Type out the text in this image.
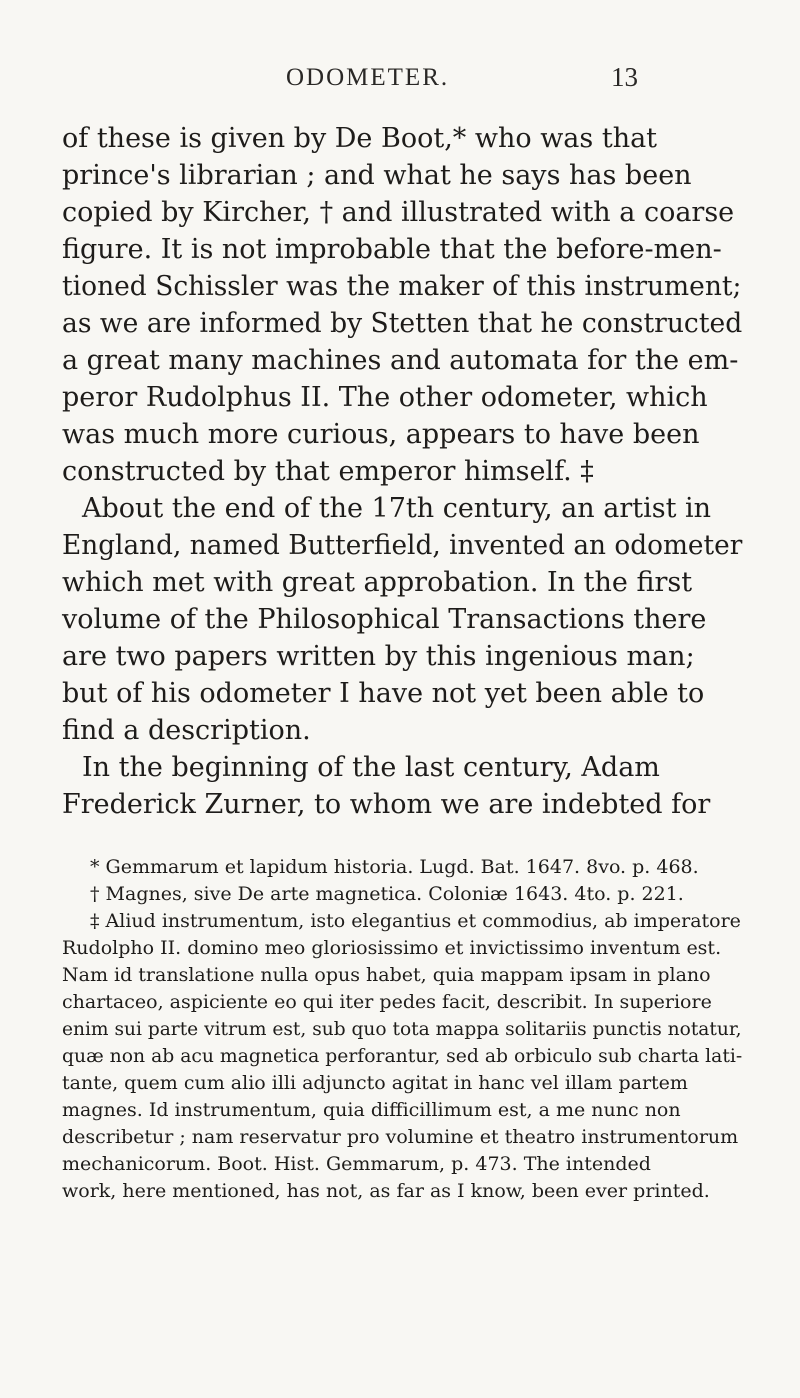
ODOMETER.	13
of these is given by De Boot,* who was that
prince's librarian ; and what he says has been
copied by Kircher, † and illustrated with a coarse
figure. It is not improbable that the before-men-
tioned Schissler was the maker of this instrument;
as we are informed by Stetten that he constructed
a great many machines and automata for the em-
peror Rudolphus II. The other odometer, which
was much more curious, appears to have been
constructed by that emperor himself. ‡
About the end of the 17th century, an artist in
England, named Butterfield, invented an odometer
which met with great approbation. In the first
volume of the Philosophical Transactions there
are two papers written by this ingenious man;
but of his odometer I have not yet been able to
find a description.
In the beginning of the last century, Adam
Frederick Zurner, to whom we are indebted for
* Gemmarum et lapidum historia. Lugd. Bat. 1647. 8vo. p. 468.
† Magnes, sive De arte magnetica. Coloniæ 1643. 4to. p. 221.
‡ Aliud instrumentum, isto elegantius et commodius, ab imperatore
Rudolpho II. domino meo gloriosissimo et invictissimo inventum est.
Nam id translatione nulla opus habet, quia mappam ipsam in plano
chartaceo, aspiciente eo qui iter pedes facit, describit. In superiore
enim sui parte vitrum est, sub quo tota mappa solitariis punctis notatur,
quæ non ab acu magnetica perforantur, sed ab orbiculo sub charta lati-
tante, quem cum alio illi adjuncto agitat in hanc vel illam partem
magnes. Id instrumentum, quia difficillimum est, a me nunc non
describetur ; nam reservatur pro volumine et theatro instrumentorum
mechanicorum. Boot. Hist. Gemmarum, p. 473. The intended
work, here mentioned, has not, as far as I know, been ever printed.
